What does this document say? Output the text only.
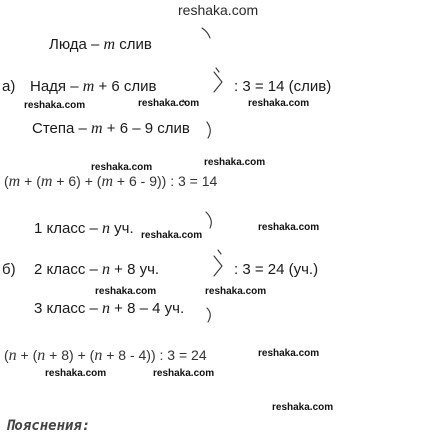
reshaka.com
Люда – m слив
а) Надя – m + 6 слив	: 3 = 14 (слив)
Степа – m + 6 – 9 слив
(m + (m + 6) + (m + 6 - 9)) : 3 = 14
1 класс – n уч.
б) 2 класс – n + 8 уч.	: 3 = 24 (уч.)
3 класс – n + 8 – 4 уч.
(n + (n + 8) + (n + 8 - 4)) : 3 = 24
Пояснения:
reshaka.com	reshaka.com	reshaka.com
reshaka.com	reshaka.com
reshaka.com
reshaka.com
reshaka.com	reshaka.com
reshaka.com
reshaka.com	reshaka.com
reshaka.com
